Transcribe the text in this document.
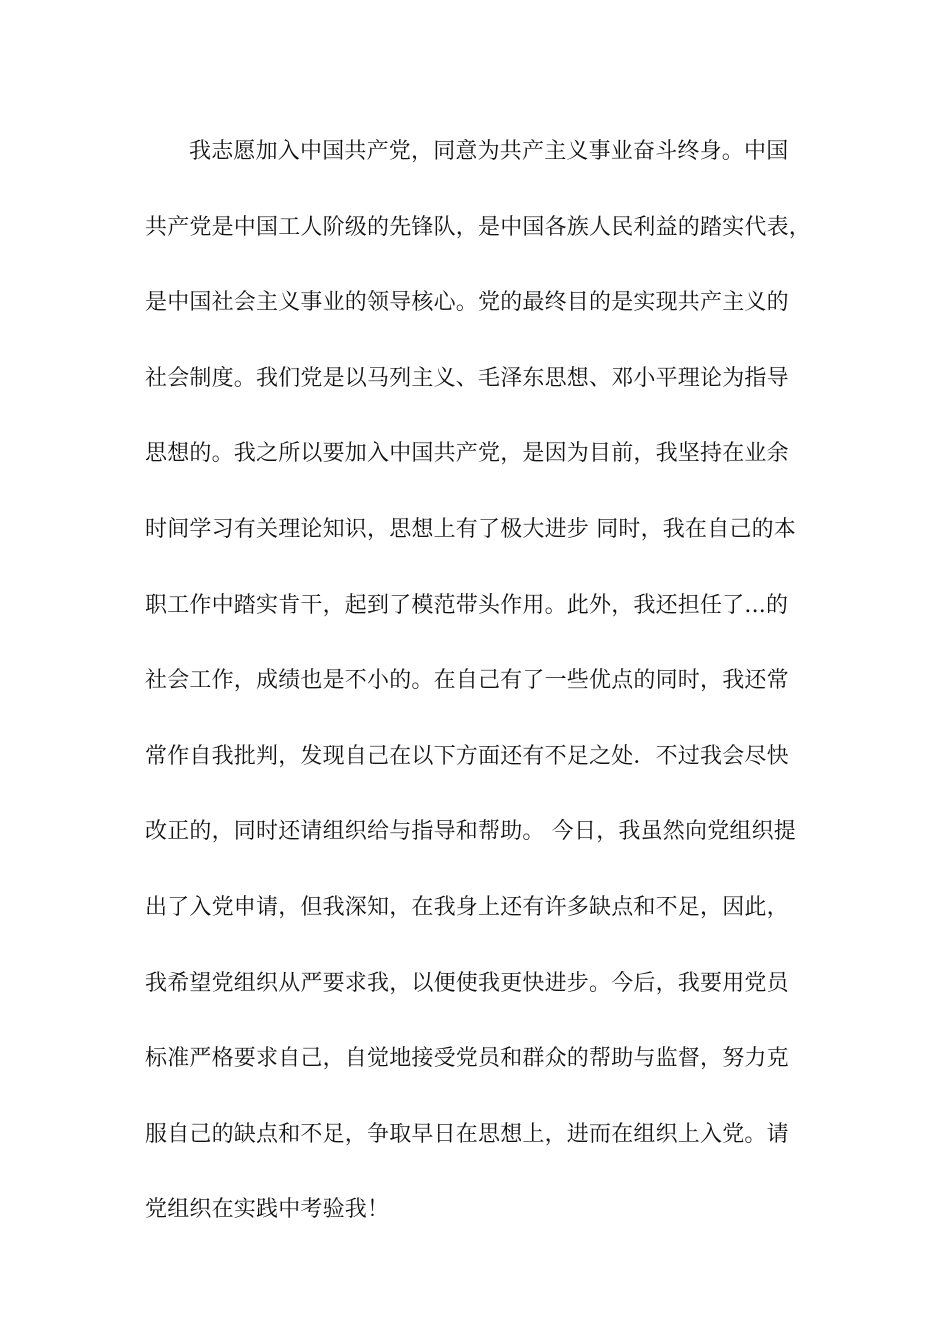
我志愿加入中国共产党，同意为共产主义事业奋斗终身。中国
共产党是中国工人阶级的先锋队，是中国各族人民利益的踏实代表，
是中国社会主义事业的领导核心。党的最终目的是实现共产主义的
社会制度。我们党是以马列主义、毛泽东思想、邓小平理论为指导
思想的。我之所以要加入中国共产党，是因为目前，我坚持在业余
时间学习有关理论知识，思想上有了极大进步 同时，我在自己的本
职工作中踏实肯干，起到了模范带头作用。此外，我还担任了...的
社会工作，成绩也是不小的。在自己有了一些优点的同时，我还常
常作自我批判，发现自己在以下方面还有不足之处．不过我会尽快
改正的，同时还请组织给与指导和帮助。 今日，我虽然向党组织提
出了入党申请，但我深知，在我身上还有许多缺点和不足，因此，
我希望党组织从严要求我，以便使我更快进步。今后，我要用党员
标准严格要求自己，自觉地接受党员和群众的帮助与监督，努力克
服自己的缺点和不足，争取早日在思想上，进而在组织上入党。请
党组织在实践中考验我！
